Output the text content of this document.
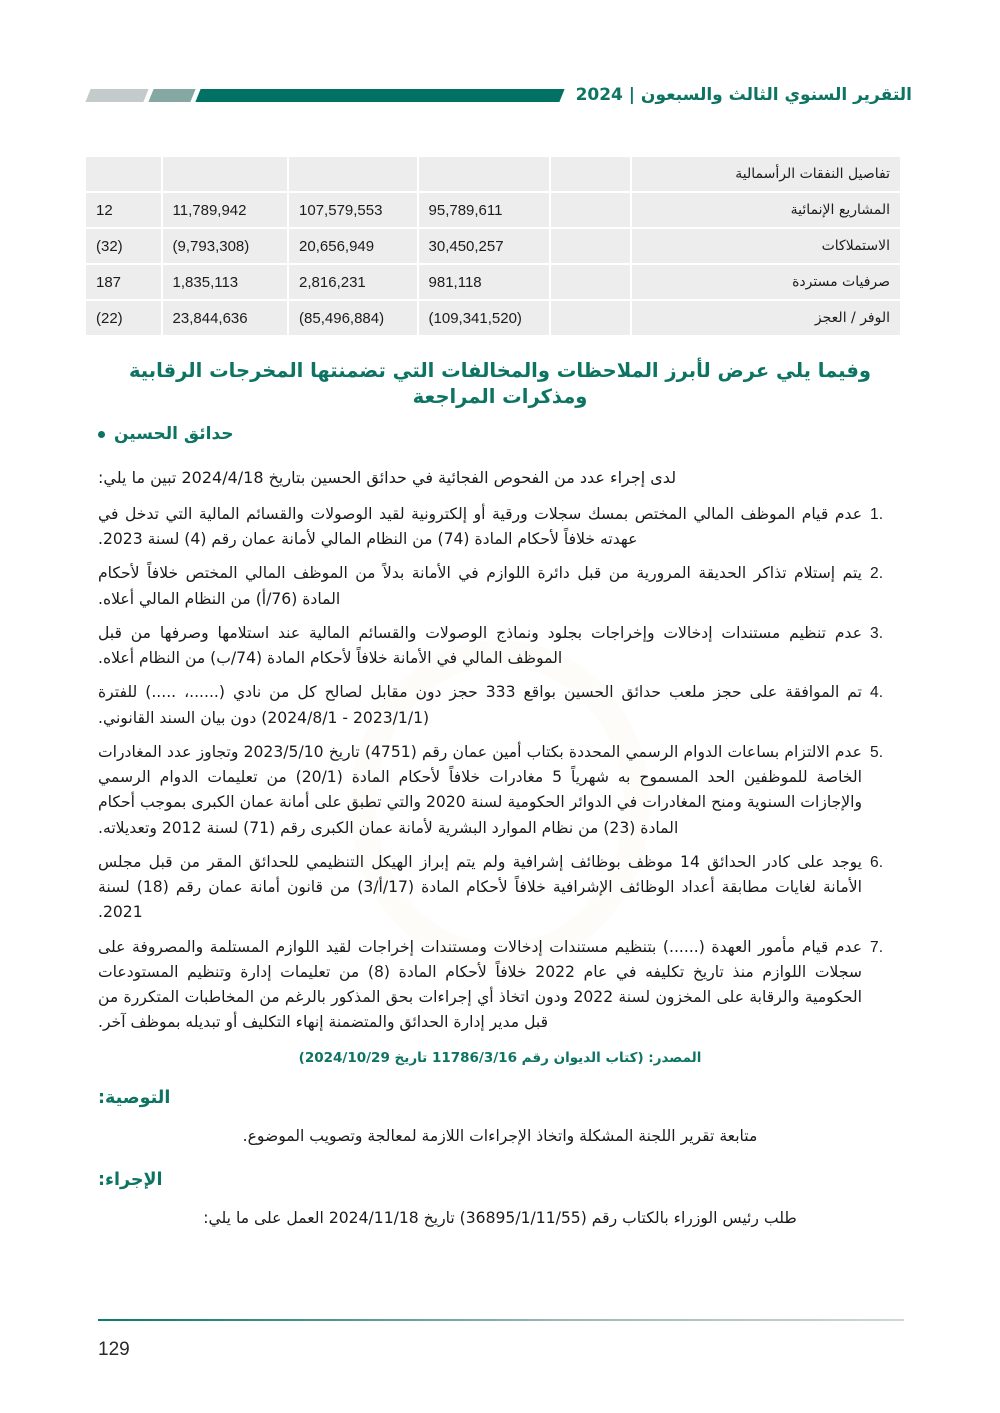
التقرير السنوي الثالث والسبعون | 2024
تفاصيل النفقات الرأسمالية					
المشاريع الإنمائية		95,789,611	107,579,553	11,789,942	12
الاستملاكات		30,450,257	20,656,949	(9,793,308)	(32)
صرفيات مستردة		981,118	2,816,231	1,835,113	187
الوفر / العجز		(109,341,520)	(85,496,884)	23,844,636	(22)
وفيما يلي عرض لأبرز الملاحظات والمخالفات التي تضمنتها المخرجات الرقابية ومذكرات المراجعة
حدائق الحسين
لدى إجراء عدد من الفحوص الفجائية في حدائق الحسين بتاريخ 2024/4/18 تبين ما يلي:
عدم قيام الموظف المالي المختص بمسك سجلات ورقية أو إلكترونية لقيد الوصولات والقسائم المالية التي تدخل في عهدته خلافاً لأحكام المادة (74) من النظام المالي لأمانة عمان رقم (4) لسنة 2023.
يتم إستلام تذاكر الحديقة المرورية من قبل دائرة اللوازم في الأمانة بدلاً من الموظف المالي المختص خلافاً لأحكام المادة (76/أ) من النظام المالي أعلاه.
عدم تنظيم مستندات إدخالات وإخراجات بجلود ونماذج الوصولات والقسائم المالية عند استلامها وصرفها من قبل الموظف المالي في الأمانة خلافاً لأحكام المادة (74/ب) من النظام أعلاه.
تم الموافقة على حجز ملعب حدائق الحسين بواقع 333 حجز دون مقابل لصالح كل من نادي (......، .....) للفترة (2023/1/1 - 2024/8/1) دون بيان السند القانوني.
عدم الالتزام بساعات الدوام الرسمي المحددة بكتاب أمين عمان رقم (4751) تاريخ 2023/5/10 وتجاوز عدد المغادرات الخاصة للموظفين الحد المسموح به شهرياً 5 مغادرات خلافاً لأحكام المادة (20/1) من تعليمات الدوام الرسمي والإجازات السنوية ومنح المغادرات في الدوائر الحكومية لسنة 2020 والتي تطبق على أمانة عمان الكبرى بموجب أحكام المادة (23) من نظام الموارد البشرية لأمانة عمان الكبرى رقم (71) لسنة 2012 وتعديلاته.
يوجد على كادر الحدائق 14 موظف بوظائف إشرافية ولم يتم إبراز الهيكل التنظيمي للحدائق المقر من قبل مجلس الأمانة لغايات مطابقة أعداد الوظائف الإشرافية خلافاً لأحكام المادة (17/أ/3) من قانون أمانة عمان رقم (18) لسنة 2021.
عدم قيام مأمور العهدة (......) بتنظيم مستندات إدخالات ومستندات إخراجات لقيد اللوازم المستلمة والمصروفة على سجلات اللوازم منذ تاريخ تكليفه في عام 2022 خلافاً لأحكام المادة (8) من تعليمات إدارة وتنظيم المستودعات الحكومية والرقابة على المخزون لسنة 2022 ودون اتخاذ أي إجراءات بحق المذكور بالرغم من المخاطبات المتكررة من قبل مدير إدارة الحدائق والمتضمنة إنهاء التكليف أو تبديله بموظف آخر.
المصدر: (كتاب الديوان رقم 11786/3/16 تاريخ 2024/10/29)
التوصية:
متابعة تقرير اللجنة المشكلة واتخاذ الإجراءات اللازمة لمعالجة وتصويب الموضوع.
الإجراء:
طلب رئيس الوزراء بالكتاب رقم (36895/1/11/55) تاريخ 2024/11/18 العمل على ما يلي:
129
